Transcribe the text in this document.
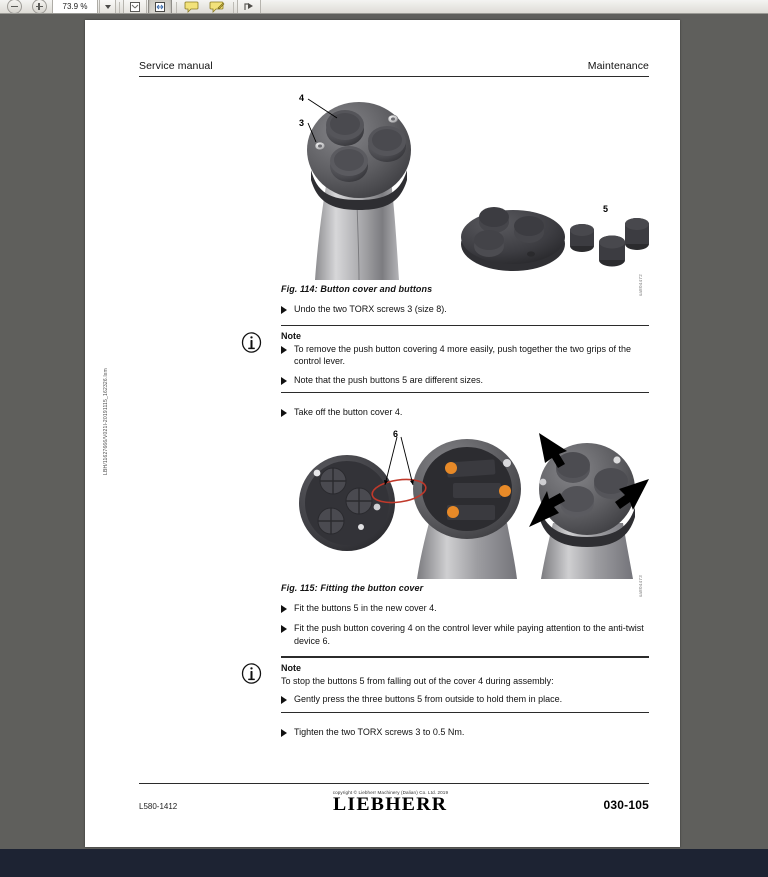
73.9 %
Service manual	Maintenance
LBH/11627666/V021I-20191115_162326.lxm
4
3
5
sa804472
Fig. 114: Button cover and buttons
Undo the two TORX screws 3 (size 8).
Note
To remove the push button covering 4 more easily, push together the two grips of the control lever.
Note that the push buttons 5 are different sizes.
Take off the button cover 4.
6
sa804473
Fig. 115: Fitting the button cover
Fit the buttons 5 in the new cover 4.
Fit the push button covering 4 on the control lever while paying attention to the anti-twist device 6.
Note
To stop the buttons 5 from falling out of the cover 4 during assembly:
Gently press the three buttons 5 from outside to hold them in place.
Tighten the two TORX screws 3 to 0.5 Nm.
L580-1412
copyright © Liebherr Machinery (Dalian) Co. Ltd. 2019
LIEBHERR	030-105
